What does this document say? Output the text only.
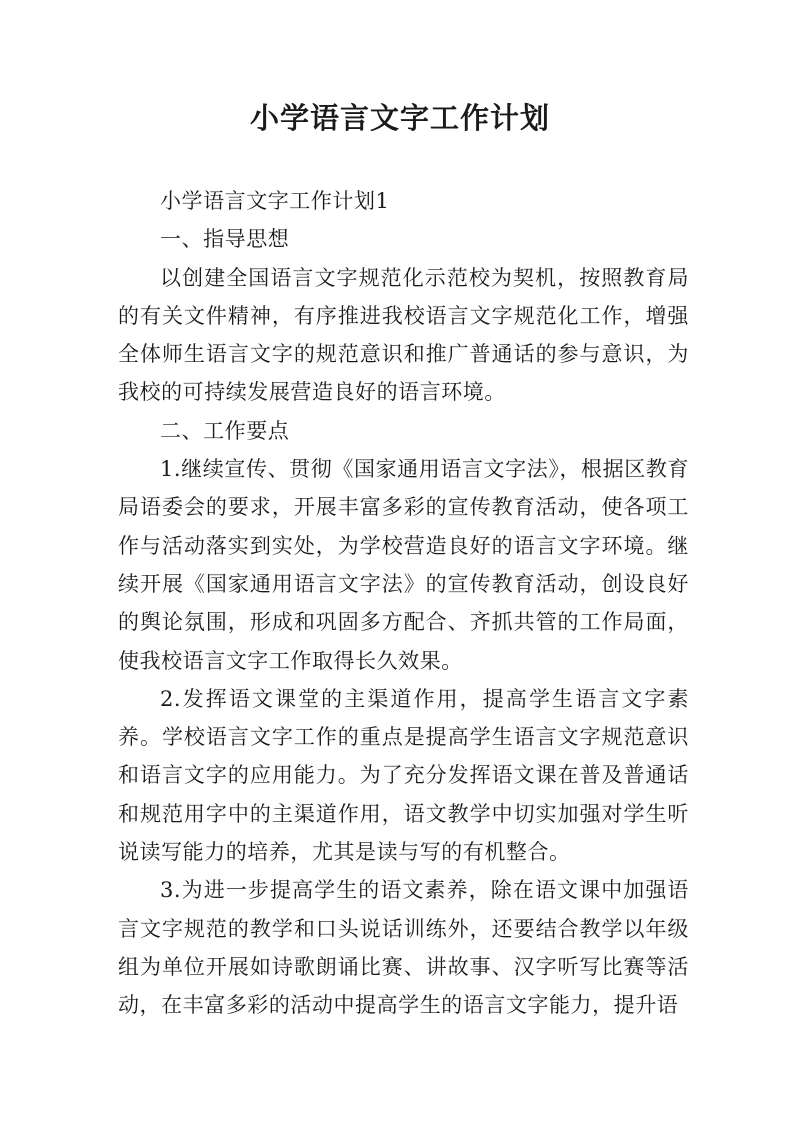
小学语言文字工作计划

小学语言文字工作计划1

一、指导思想

以创建全国语言文字规范化示范校为契机，按照教育局的有关文件精神，有序推进我校语言文字规范化工作，增强全体师生语言文字的规范意识和推广普通话的参与意识，为我校的可持续发展营造良好的语言环境。

二、工作要点

1.继续宣传、贯彻《国家通用语言文字法》，根据区教育局语委会的要求，开展丰富多彩的宣传教育活动，使各项工作与活动落实到实处，为学校营造良好的语言文字环境。继续开展《国家通用语言文字法》的宣传教育活动，创设良好的舆论氛围，形成和巩固多方配合、齐抓共管的工作局面，使我校语言文字工作取得长久效果。

2.发挥语文课堂的主渠道作用，提高学生语言文字素养。学校语言文字工作的重点是提高学生语言文字规范意识和语言文字的应用能力。为了充分发挥语文课在普及普通话和规范用字中的主渠道作用，语文教学中切实加强对学生听说读写能力的培养，尤其是读与写的有机整合。

3.为进一步提高学生的语文素养，除在语文课中加强语言文字规范的教学和口头说话训练外，还要结合教学以年级组为单位开展如诗歌朗诵比赛、讲故事、汉字听写比赛等活动，在丰富多彩的活动中提高学生的语言文字能力，提升语
